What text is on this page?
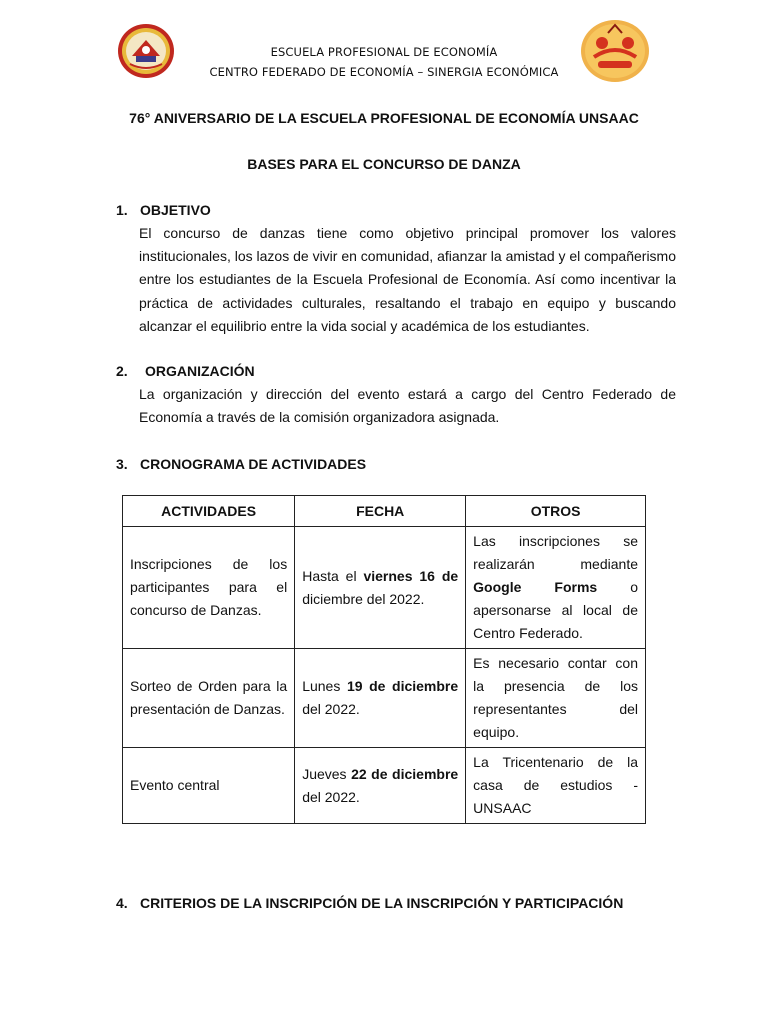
ESCUELA PROFESIONAL DE ECONOMÍA
CENTRO FEDERADO DE ECONOMÍA – SINERGIA ECONÓMICA
76° ANIVERSARIO DE LA ESCUELA PROFESIONAL DE ECONOMÍA UNSAAC
BASES PARA EL CONCURSO DE DANZA
1. OBJETIVO
El concurso de danzas tiene como objetivo principal promover los valores institucionales, los lazos de vivir en comunidad, afianzar la amistad y el compañerismo entre los estudiantes de la Escuela Profesional de Economía. Así como incentivar la práctica de actividades culturales, resaltando el trabajo en equipo y buscando alcanzar el equilibrio entre la vida social y académica de los estudiantes.
2. ORGANIZACIÓN
La organización y dirección del evento estará a cargo del Centro Federado de Economía a través de la comisión organizadora asignada.
3. CRONOGRAMA DE ACTIVIDADES
ACTIVIDADES	FECHA	OTROS
Inscripciones de los participantes para el concurso de Danzas.	Hasta el viernes 16 de diciembre del 2022.	Las inscripciones se realizarán mediante Google Forms o apersonarse al local de Centro Federado.
Sorteo de Orden para la presentación de Danzas.	Lunes 19 de diciembre del 2022.	Es necesario contar con la presencia de los representantes del equipo.
Evento central	Jueves 22 de diciembre del 2022.	La Tricentenario de la casa de estudios - UNSAAC
4. CRITERIOS DE LA INSCRIPCIÓN DE LA INSCRIPCIÓN Y PARTICIPACIÓN
